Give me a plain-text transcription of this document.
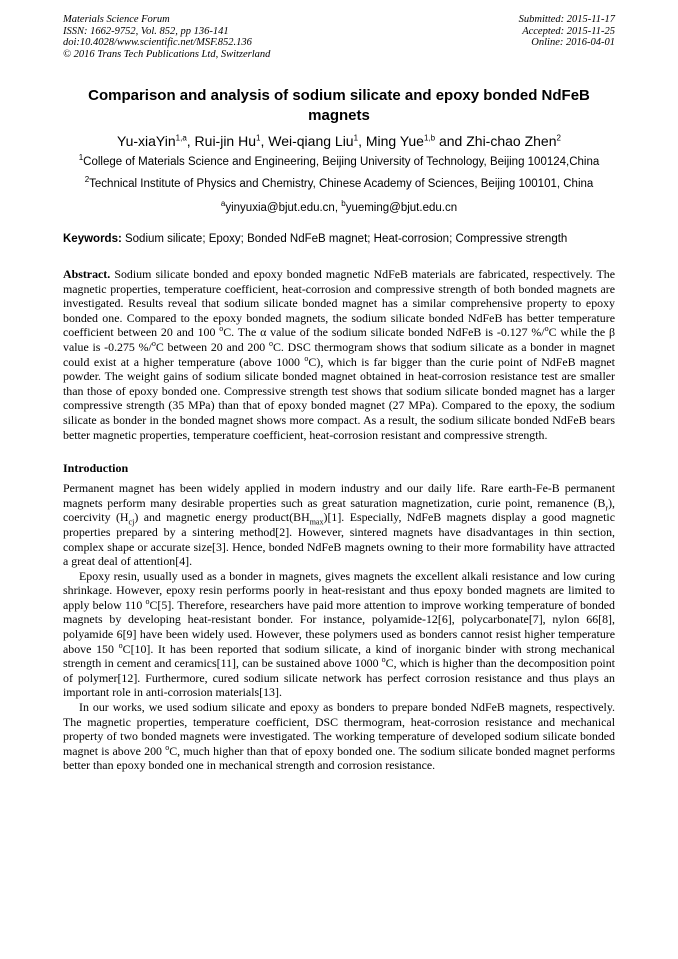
Materials Science Forum
ISSN: 1662-9752, Vol. 852, pp 136-141
doi:10.4028/www.scientific.net/MSF.852.136
© 2016 Trans Tech Publications Ltd, Switzerland
Submitted: 2015-11-17
Accepted: 2015-11-25
Online: 2016-04-01
Comparison and analysis of sodium silicate and epoxy bonded NdFeB magnets
Yu-xiaYin$^{1,a}$, Rui-jin Hu$^1$, Wei-qiang Liu$^1$, Ming Yue$^{1,b}$ and Zhi-chao Zhen$^2$
$^1$College of Materials Science and Engineering, Beijing University of Technology, Beijing 100124,China
$^2$Technical Institute of Physics and Chemistry, Chinese Academy of Sciences, Beijing 100101, China
$^a$yinyuxia@bjut.edu.cn, $^b$yueming@bjut.edu.cn
Keywords: Sodium silicate; Epoxy; Bonded NdFeB magnet; Heat-corrosion; Compressive strength
Abstract. Sodium silicate bonded and epoxy bonded magnetic NdFeB materials are fabricated, respectively. The magnetic properties, temperature coefficient, heat-corrosion and compressive strength of both bonded magnets are investigated. Results reveal that sodium silicate bonded magnet has a similar comprehensive property to epoxy bonded one. Compared to the epoxy bonded magnets, the sodium silicate bonded NdFeB has better temperature coefficient between 20 and 100 $^o$C. The α value of the sodium silicate bonded NdFeB is -0.127 %/$^o$C while the β value is -0.275 %/$^o$C between 20 and 200 $^o$C. DSC thermogram shows that sodium silicate as a bonder in magnet could exist at a higher temperature (above 1000 $^o$C), which is far bigger than the curie point of NdFeB magnet powder. The weight gains of sodium silicate bonded magnet obtained in heat-corrosion resistance test are smaller than those of epoxy bonded one. Compressive strength test shows that sodium silicate bonded magnet has a larger compressive strength (35 MPa) than that of epoxy bonded magnet (27 MPa). Compared to the epoxy, the sodium silicate as bonder in the bonded magnet shows more compact. As a result, the sodium silicate bonded NdFeB bears better magnetic properties, temperature coefficient, heat-corrosion resistant and compressive strength.
Introduction
Permanent magnet has been widely applied in modern industry and our daily life. Rare earth-Fe-B permanent magnets perform many desirable properties such as great saturation magnetization, curie point, remanence $(B_r)$, coercivity $(H_{cj})$ and magnetic energy $product(BH_{max})[1]$. Especially, NdFeB magnets display a good magnetic properties prepared by a sintering method[2]. However, sintered magnets have disadvantages in thin section, complex shape or accurate size[3]. Hence, bonded NdFeB magnets owning to their more formability have attracted a great deal of attention[4].
Epoxy resin, usually used as a bonder in magnets, gives magnets the excellent alkali resistance and low curing shrinkage. However, epoxy resin performs poorly in heat-resistant and thus epoxy bonded magnets are limited to apply below 110 $^o$C[5]. Therefore, researchers have paid more attention to improve working temperature of bonded magnets by developing heat-resistant bonder. For instance, polyamide-12[6], polycarbonate[7], nylon 66[8], polyamide 6[9] have been widely used. However, these polymers used as bonders cannot resist higher temperature above 150 $^o$C[10]. It has been reported that sodium silicate, a kind of inorganic binder with strong mechanical strength in cement and ceramics[11], can be sustained above 1000 $^o$C, which is higher than the decomposition point of polymer[12]. Furthermore, cured sodium silicate network has perfect corrosion resistance and thus plays an important role in anti-corrosion materials[13].
In our works, we used sodium silicate and epoxy as bonders to prepare bonded NdFeB magnets, respectively. The magnetic properties, temperature coefficient, DSC thermogram, heat-corrosion resistance and mechanical property of two bonded magnets were investigated. The working temperature of developed sodium silicate bonded magnet is above 200 $^o$C, much higher than that of epoxy bonded one. The sodium silicate bonded magnet performs better than epoxy bonded one in mechanical strength and corrosion resistance.
